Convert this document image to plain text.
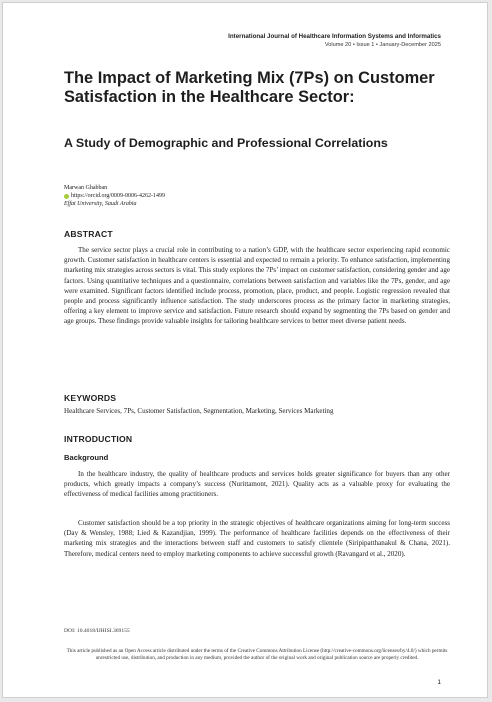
International Journal of Healthcare Information Systems and Informatics
Volume 20 • Issue 1 • January-December 2025
The Impact of Marketing Mix (7Ps) on Customer Satisfaction in the Healthcare Sector:
A Study of Demographic and Professional Correlations
Marwan Ghabban
https://orcid.org/0009-0006-4262-1499
Effat University, Saudi Arabia
ABSTRACT
The service sector plays a crucial role in contributing to a nation’s GDP, with the healthcare sector experiencing rapid economic growth. Customer satisfaction in healthcare centers is essential and expected to remain a priority. To enhance satisfaction, implementing marketing mix strategies across sectors is vital. This study explores the 7Ps’ impact on customer satisfaction, considering gender and age factors. Using quantitative techniques and a questionnaire, correlations between satisfaction and variables like the 7Ps, gender, and age were examined. Significant factors identified include process, promotion, place, product, and people. Logistic regression revealed that people and process significantly influence satisfaction. The study underscores process as the primary factor in marketing strategies, offering a key element to improve service and satisfaction. Future research should expand by segmenting the 7Ps based on gender and age groups. These findings provide valuable insights for tailoring healthcare services to better meet diverse patient needs.
KEYWORDS
Healthcare Services, 7Ps, Customer Satisfaction, Segmentation, Marketing, Services Marketing
INTRODUCTION
Background
In the healthcare industry, the quality of healthcare products and services holds greater significance for buyers than any other products, which greatly impacts a company’s success (Nurittamont, 2021). Quality acts as a valuable proxy for evaluating the effectiveness of medical facilities among practitioners.
Customer satisfaction should be a top priority in the strategic objectives of healthcare organizations aiming for long-term success (Day & Wensley, 1988; Lied & Kazandjian, 1999). The performance of healthcare facilities depends on the effectiveness of their marketing mix strategies and the interactions between staff and customers to satisfy clientele (Siripipatthanakul & Chana, 2021). Therefore, medical centers need to employ marketing components to achieve successful growth (Ravangard et al., 2020).
DOI: 10.4018/IJHISI.369155
This article published as an Open Access article distributed under the terms of the Creative Commons Attribution License (http://creative-commons.org/licenses/by/4.0/) which permits unrestricted use, distribution, and production in any medium, provided the author of the original work and original publication source are properly credited.
1
